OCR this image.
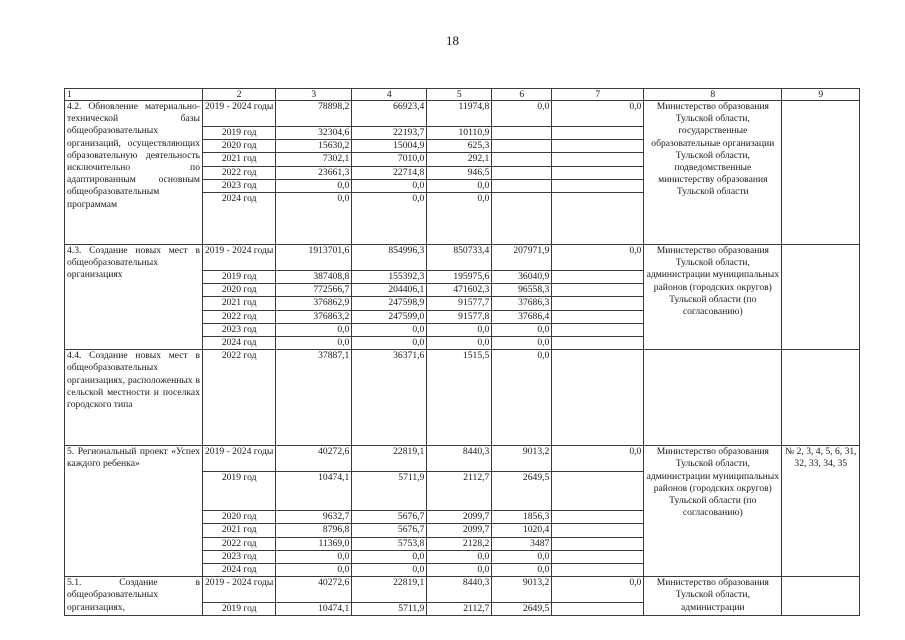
18
1	2	3	4	5	6	7	8	9

4.2. Обновление материально-технической базы общеобразовательных организаций, осуществляющих образовательную деятельность исключительно по адаптированным основным общеобразовательным программам	2019 - 2024 годы	78898,2	66923,4	11974,8	0,0	0,0	Министерство образования Тульской области, государственные образовательные организации Тульской области, подведомственные министерству образования Тульской области	

	2019 год	32304,6	22193,7	10110,9				

	2020 год	15630,2	15004,9	625,3				

	2021 год	7302,1	7010,0	292,1				

	2022 год	23661,3	22714,8	946,5				

	2023 год	0,0	0,0	0,0				

	2024 год	0,0	0,0	0,0				

4.3. Создание новых мест в общеобразовательных организациях	2019 - 2024 годы	1913701,6	854996,3	850733,4	207971,9	0,0	Министерство образования Тульской области, администрации муниципальных районов (городских округов) Тульской области (по согласованию)	

	2019 год	387408,8	155392,3	195975,6	36040,9			

	2020 год	772566,7	204406,1	471602,3	96558,3			

	2021 год	376862,9	247598,9	91577,7	37686,3			

	2022 год	376863,2	247599,0	91577,8	37686,4			

	2023 год	0,0	0,0	0,0	0,0			

	2024 год	0,0	0,0	0,0	0,0			

4.4. Создание новых мест в общеобразовательных организациях, расположенных в сельской местности и поселках городского типа	2022 год	37887,1	36371,6	1515,5	0,0		

5. Региональный проект «Успех каждого ребенка»	2019 - 2024 годы	40272,6	22819,1	8440,3	9013,2	0,0	Министерство образования Тульской области, администрации муниципальных районов (городских округов) Тульской области (по согласованию)	№ 2, 3, 4, 5, 6, 31, 32, 33, 34, 35

	2019 год	10474,1	5711,9	2112,7	2649,5			

	2020 год	9632,7	5676,7	2099,7	1856,3			

	2021 год	8796,8	5676,7	2099,7	1020,4			

	2022 год	11369,0	5753,8	2128,2	3487			

	2023 год	0,0	0,0	0,0	0,0			

	2024 год	0,0	0,0	0,0	0,0			

5.1. Создание в общеобразовательных организациях,	2019 - 2024 годы	40272,6	22819,1	8440,3	9013,2	0,0	Министерство образования Тульской области, администрации	

	2019 год	10474,1	5711,9	2112,7	2649,5			
